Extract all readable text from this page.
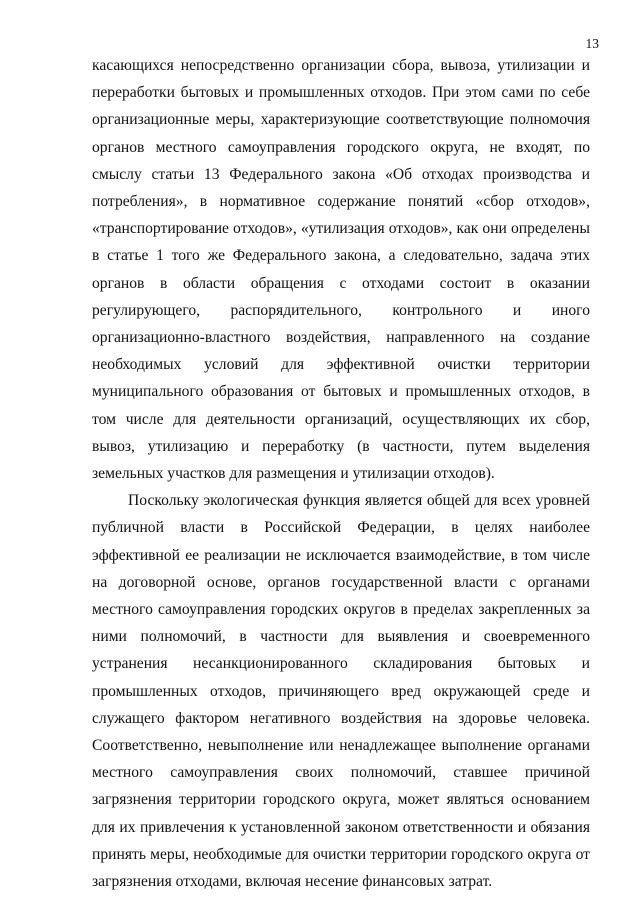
13

касающихся непосредственно организации сбора, вывоза, утилизации и переработки бытовых и промышленных отходов. При этом сами по себе организационные меры, характеризующие соответствующие полномочия органов местного самоуправления городского округа, не входят, по смыслу статьи 13 Федерального закона «Об отходах производства и потребления», в нормативное содержание понятий «сбор отходов», «транспортирование отходов», «утилизация отходов», как они определены в статье 1 того же Федерального закона, а следовательно, задача этих органов в области обращения с отходами состоит в оказании регулирующего, распорядительного, контрольного и иного организационно-властного воздействия, направленного на создание необходимых условий для эффективной очистки территории муниципального образования от бытовых и промышленных отходов, в том числе для деятельности организаций, осуществляющих их сбор, вывоз, утилизацию и переработку (в частности, путем выделения земельных участков для размещения и утилизации отходов).

Поскольку экологическая функция является общей для всех уровней публичной власти в Российской Федерации, в целях наиболее эффективной ее реализации не исключается взаимодействие, в том числе на договорной основе, органов государственной власти с органами местного самоуправления городских округов в пределах закрепленных за ними полномочий, в частности для выявления и своевременного устранения несанкционированного складирования бытовых и промышленных отходов, причиняющего вред окружающей среде и служащего фактором негативного воздействия на здоровье человека. Соответственно, невыполнение или ненадлежащее выполнение органами местного самоуправления своих полномочий, ставшее причиной загрязнения территории городского округа, может являться основанием для их привлечения к установленной законом ответственности и обязания принять меры, необходимые для очистки территории городского округа от загрязнения отходами, включая несение финансовых затрат.
